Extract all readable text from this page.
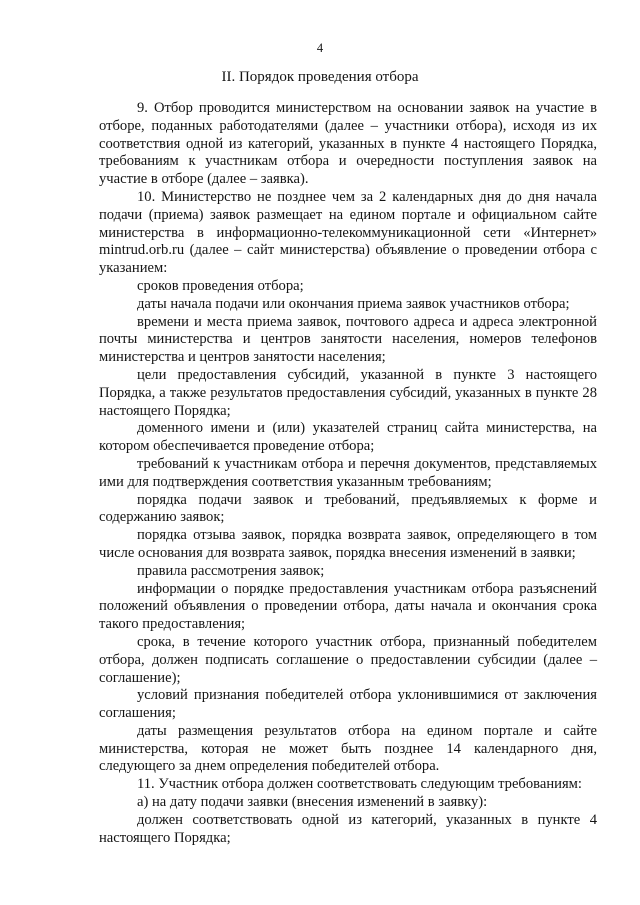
4
II. Порядок проведения отбора

9. Отбор проводится министерством на основании заявок на участие в отборе, поданных работодателями (далее – участники отбора), исходя из их соответствия одной из категорий, указанных в пункте 4 настоящего Порядка, требованиям к участникам отбора и очередности поступления заявок на участие в отборе (далее – заявка).

10. Министерство не позднее чем за 2 календарных дня до дня начала подачи (приема) заявок размещает на едином портале и официальном сайте министерства в информационно-телекоммуникационной сети «Интернет» mintrud.orb.ru (далее – сайт министерства) объявление о проведении отбора с указанием:

сроков проведения отбора;

даты начала подачи или окончания приема заявок участников отбора;

времени и места приема заявок, почтового адреса и адреса электронной почты министерства и центров занятости населения, номеров телефонов министерства и центров занятости населения;

цели предоставления субсидий, указанной в пункте 3 настоящего Порядка, а также результатов предоставления субсидий, указанных в пункте 28 настоящего Порядка;

доменного имени и (или) указателей страниц сайта министерства, на котором обеспечивается проведение отбора;

требований к участникам отбора и перечня документов, представляемых ими для подтверждения соответствия указанным требованиям;

порядка подачи заявок и требований, предъявляемых к форме и содержанию заявок;

порядка отзыва заявок, порядка возврата заявок, определяющего в том числе основания для возврата заявок, порядка внесения изменений в заявки;

правила рассмотрения заявок;

информации о порядке предоставления участникам отбора разъяснений положений объявления о проведении отбора, даты начала и окончания срока такого предоставления;

срока, в течение которого участник отбора, признанный победителем отбора, должен подписать соглашение о предоставлении субсидии (далее – соглашение);

условий признания победителей отбора уклонившимися от заключения соглашения;

даты размещения результатов отбора на едином портале и сайте министерства, которая не может быть позднее 14 календарного дня, следующего за днем определения победителей отбора.

11. Участник отбора должен соответствовать следующим требованиям:

а) на дату подачи заявки (внесения изменений в заявку):

должен соответствовать одной из категорий, указанных в пункте 4 настоящего Порядка;
